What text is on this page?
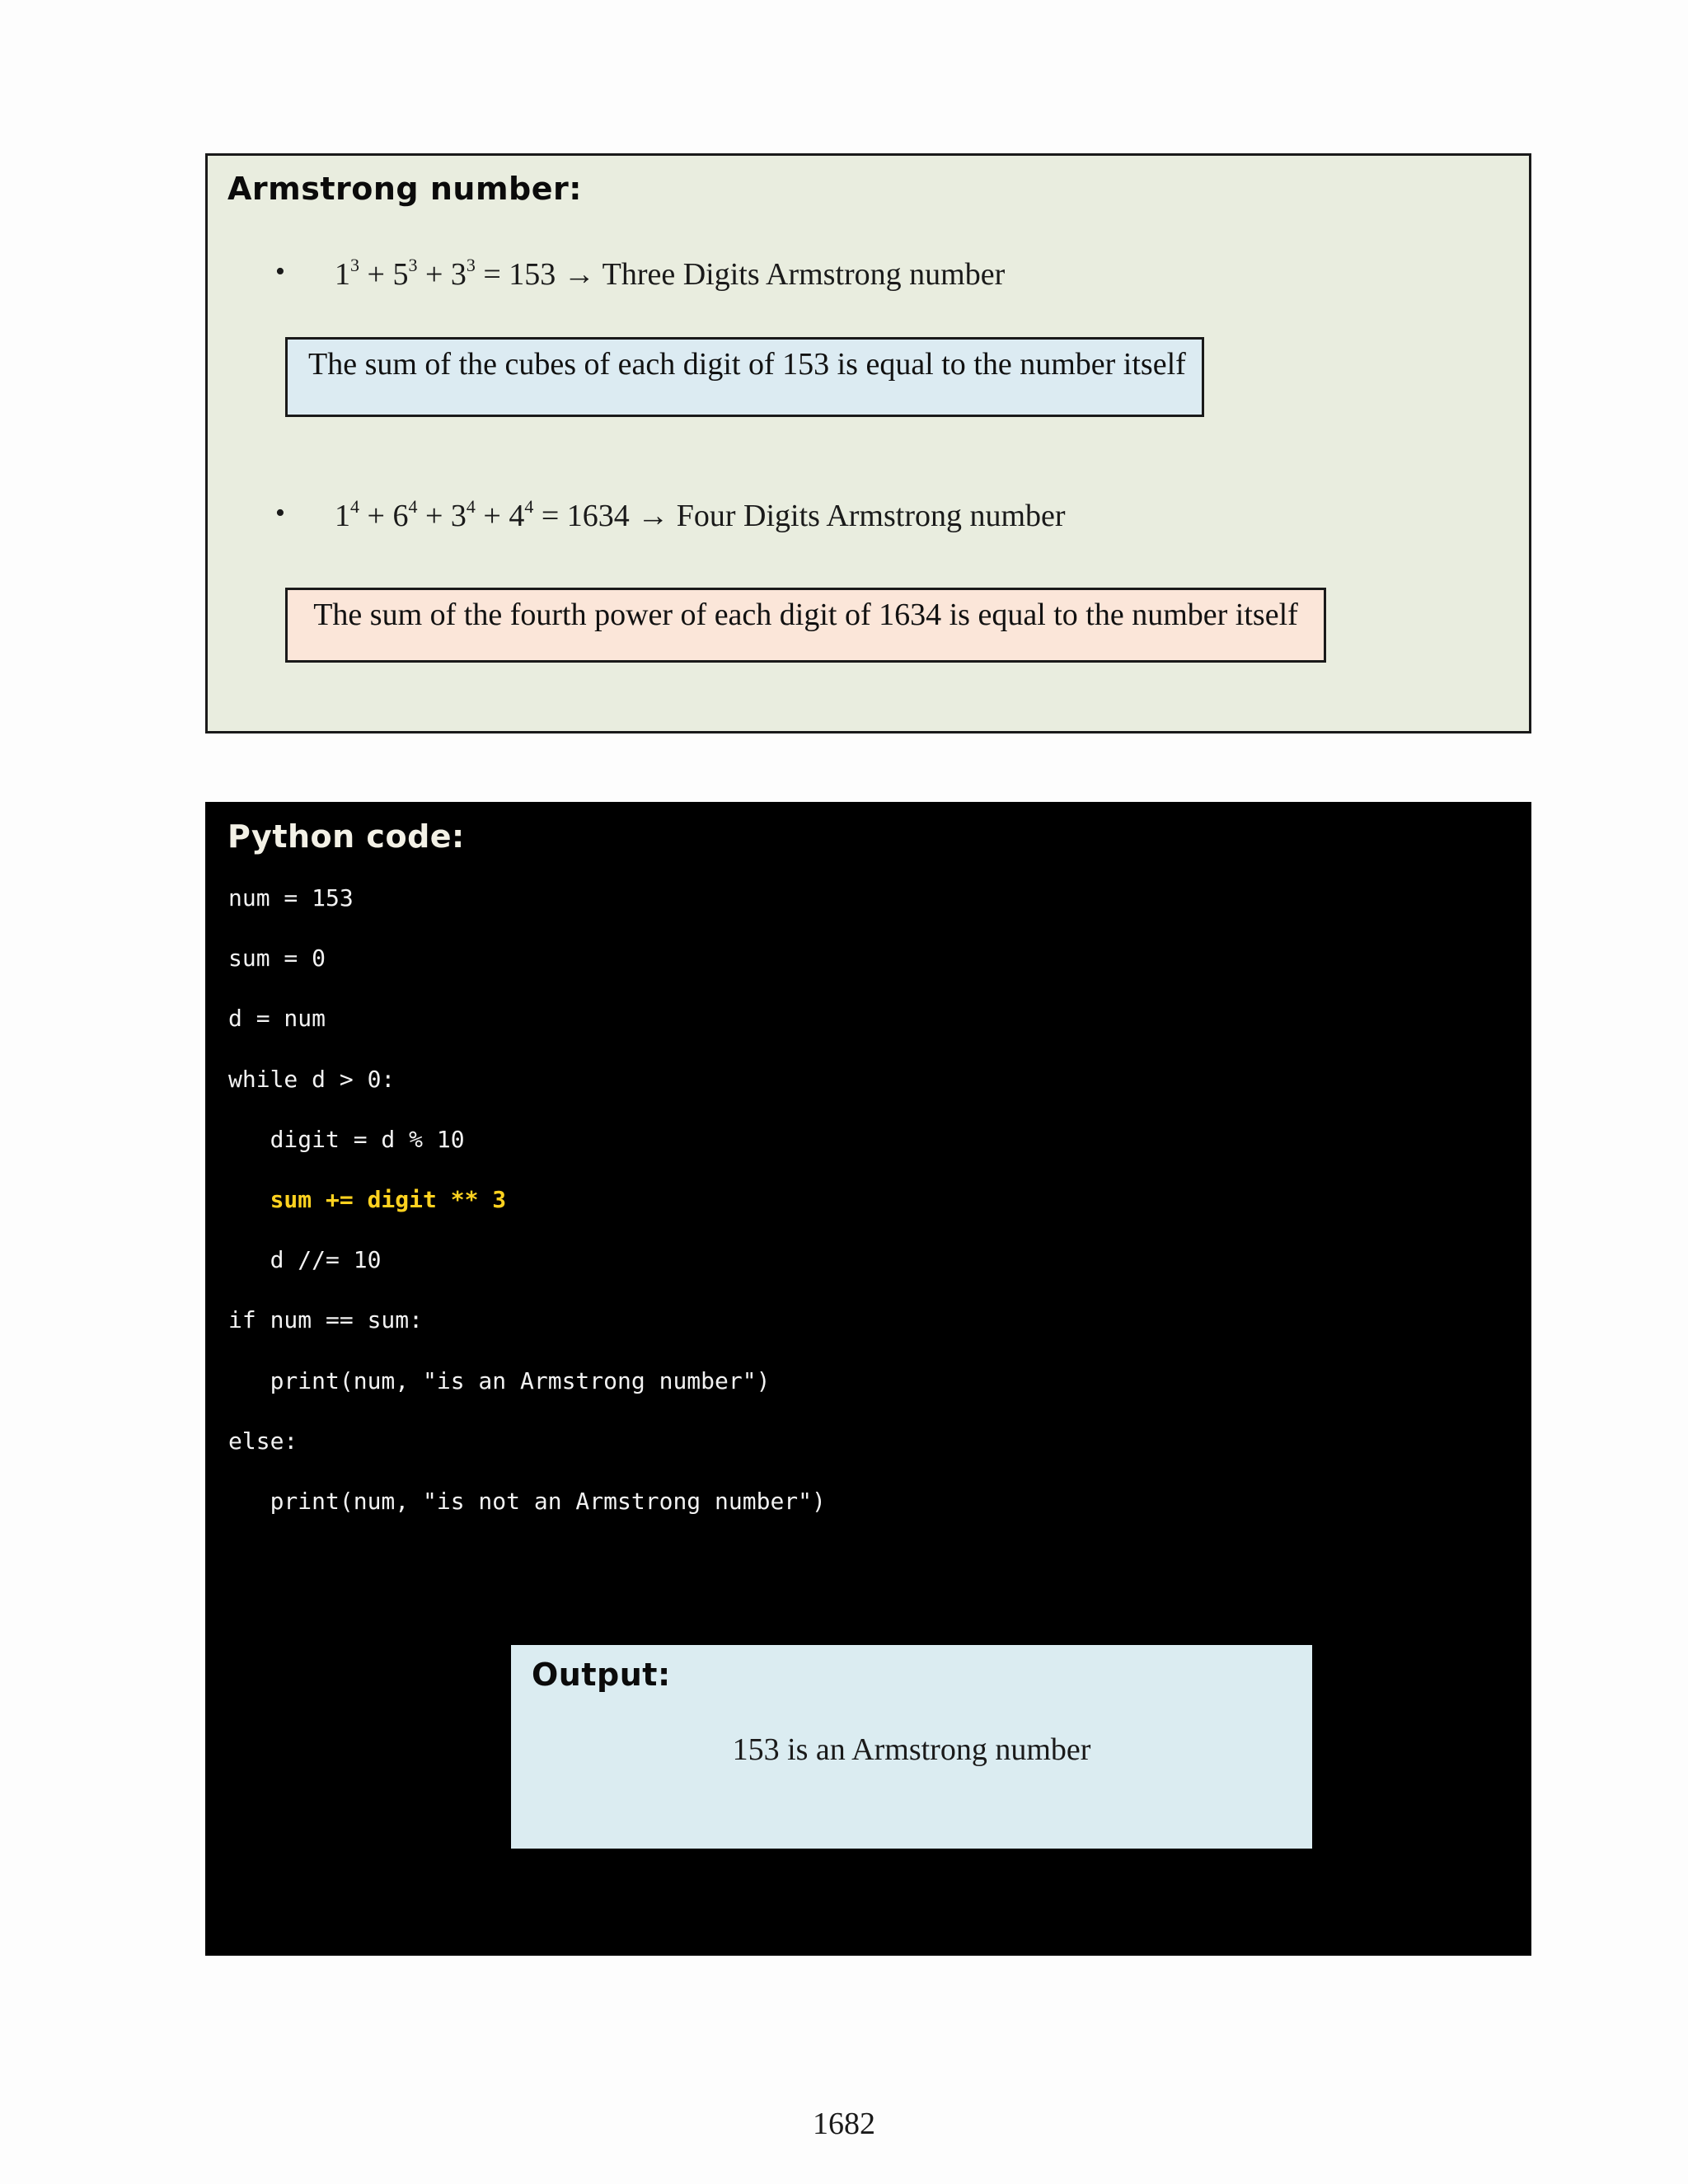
Armstrong number:
• $1^3 + 5^3 + 3^3 = 153$ → Three Digits Armstrong number
The sum of the cubes of each digit of 153 is equal to the number itself
• $1^4 + 6^4 + 3^4 + 4^4 = 1634$ → Four Digits Armstrong number
The sum of the fourth power of each digit of 1634 is equal to the number itself
Python code:
num = 153
sum = 0
d = num
while d > 0:
digit = d % 10
sum += digit ** 3
d //= 10
if num == sum:
print(num, "is an Armstrong number")
else:
print(num, "is not an Armstrong number")
Output:
153 is an Armstrong number
1682
